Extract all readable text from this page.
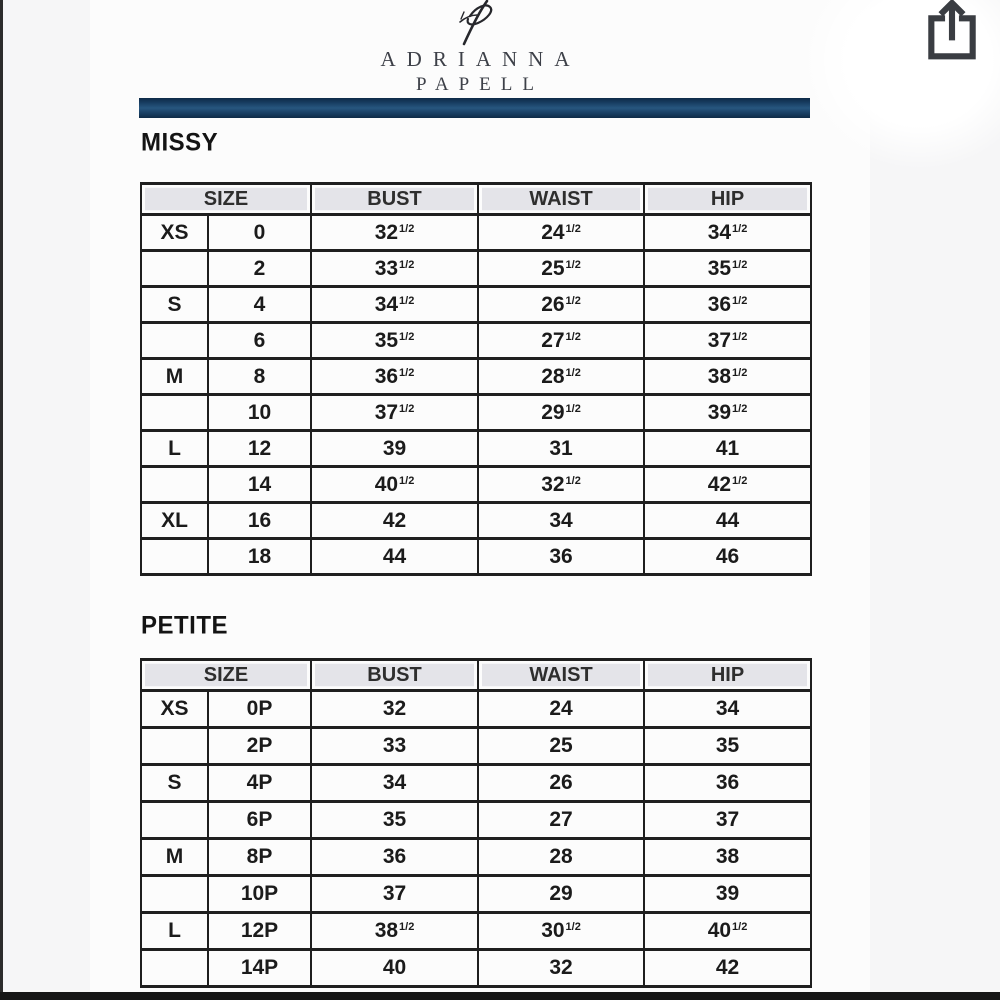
ADRIANNA
PAPELL
MISSY
SIZE		BUST	WAIST	HIP

XS	0	$32^{1/2}$	$24^{1/2}$	$34^{1/2}$
	2	$33^{1/2}$	$25^{1/2}$	$35^{1/2}$
S	4	$34^{1/2}$	$26^{1/2}$	$36^{1/2}$
	6	$35^{1/2}$	$27^{1/2}$	$37^{1/2}$
M	8	$36^{1/2}$	$28^{1/2}$	$38^{1/2}$
	10	$37^{1/2}$	$29^{1/2}$	$39^{1/2}$
L	12	39	31	41
	14	$40^{1/2}$	$32^{1/2}$	$42^{1/2}$
XL	16	42	34	44
	18	44	36	46
PETITE
SIZE		BUST	WAIST	HIP

XS	0P	32	24	34
	2P	33	25	35
S	4P	34	26	36
	6P	35	27	37
M	8P	36	28	38
	10P	37	29	39
L	12P	$38^{1/2}$	$30^{1/2}$	$40^{1/2}$
	14P	40	32	42
